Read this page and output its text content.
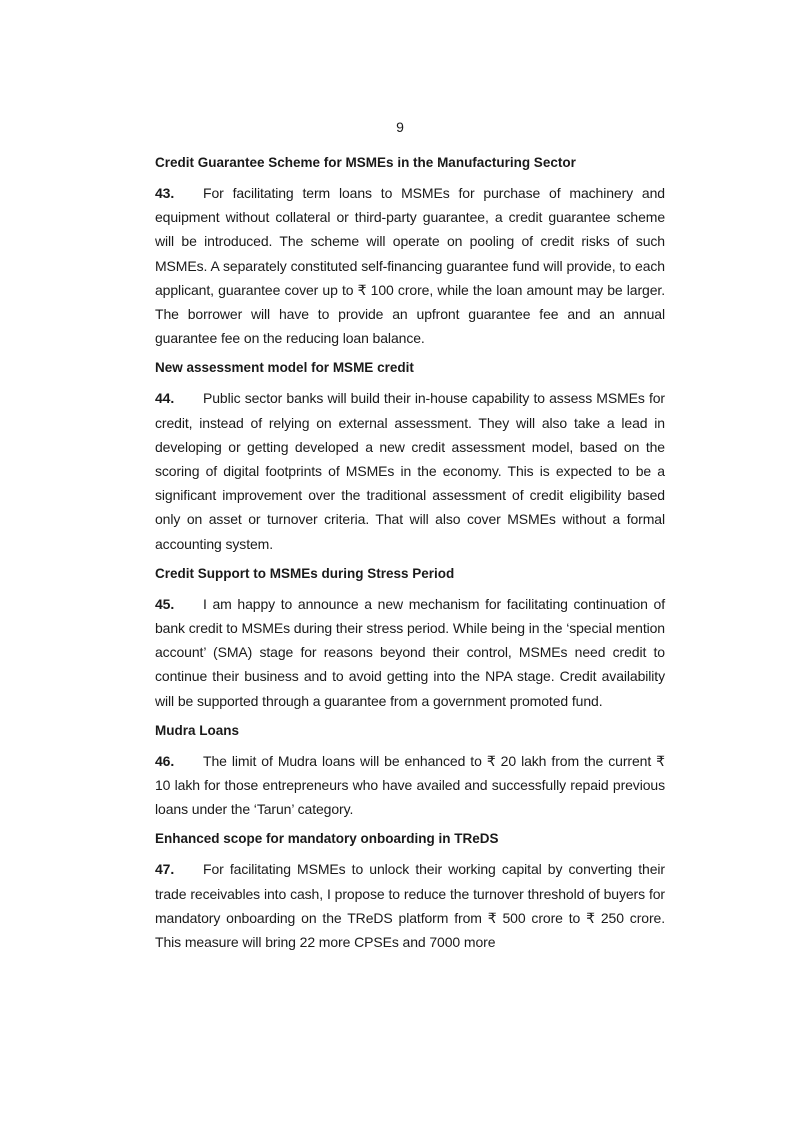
9
Credit Guarantee Scheme for MSMEs in the Manufacturing Sector

43. For facilitating term loans to MSMEs for purchase of machinery and equipment without collateral or third-party guarantee, a credit guarantee scheme will be introduced. The scheme will operate on pooling of credit risks of such MSMEs. A separately constituted self-financing guarantee fund will provide, to each applicant, guarantee cover up to ₹ 100 crore, while the loan amount may be larger. The borrower will have to provide an upfront guarantee fee and an annual guarantee fee on the reducing loan balance.

New assessment model for MSME credit

44. Public sector banks will build their in-house capability to assess MSMEs for credit, instead of relying on external assessment. They will also take a lead in developing or getting developed a new credit assessment model, based on the scoring of digital footprints of MSMEs in the economy. This is expected to be a significant improvement over the traditional assessment of credit eligibility based only on asset or turnover criteria. That will also cover MSMEs without a formal accounting system.

Credit Support to MSMEs during Stress Period

45. I am happy to announce a new mechanism for facilitating continuation of bank credit to MSMEs during their stress period. While being in the ‘special mention account’ (SMA) stage for reasons beyond their control, MSMEs need credit to continue their business and to avoid getting into the NPA stage. Credit availability will be supported through a guarantee from a government promoted fund.

Mudra Loans

46. The limit of Mudra loans will be enhanced to ₹ 20 lakh from the current ₹ 10 lakh for those entrepreneurs who have availed and successfully repaid previous loans under the ‘Tarun’ category.

Enhanced scope for mandatory onboarding in TReDS

47. For facilitating MSMEs to unlock their working capital by converting their trade receivables into cash, I propose to reduce the turnover threshold of buyers for mandatory onboarding on the TReDS platform from ₹ 500 crore to ₹ 250 crore. This measure will bring 22 more CPSEs and 7000 more
